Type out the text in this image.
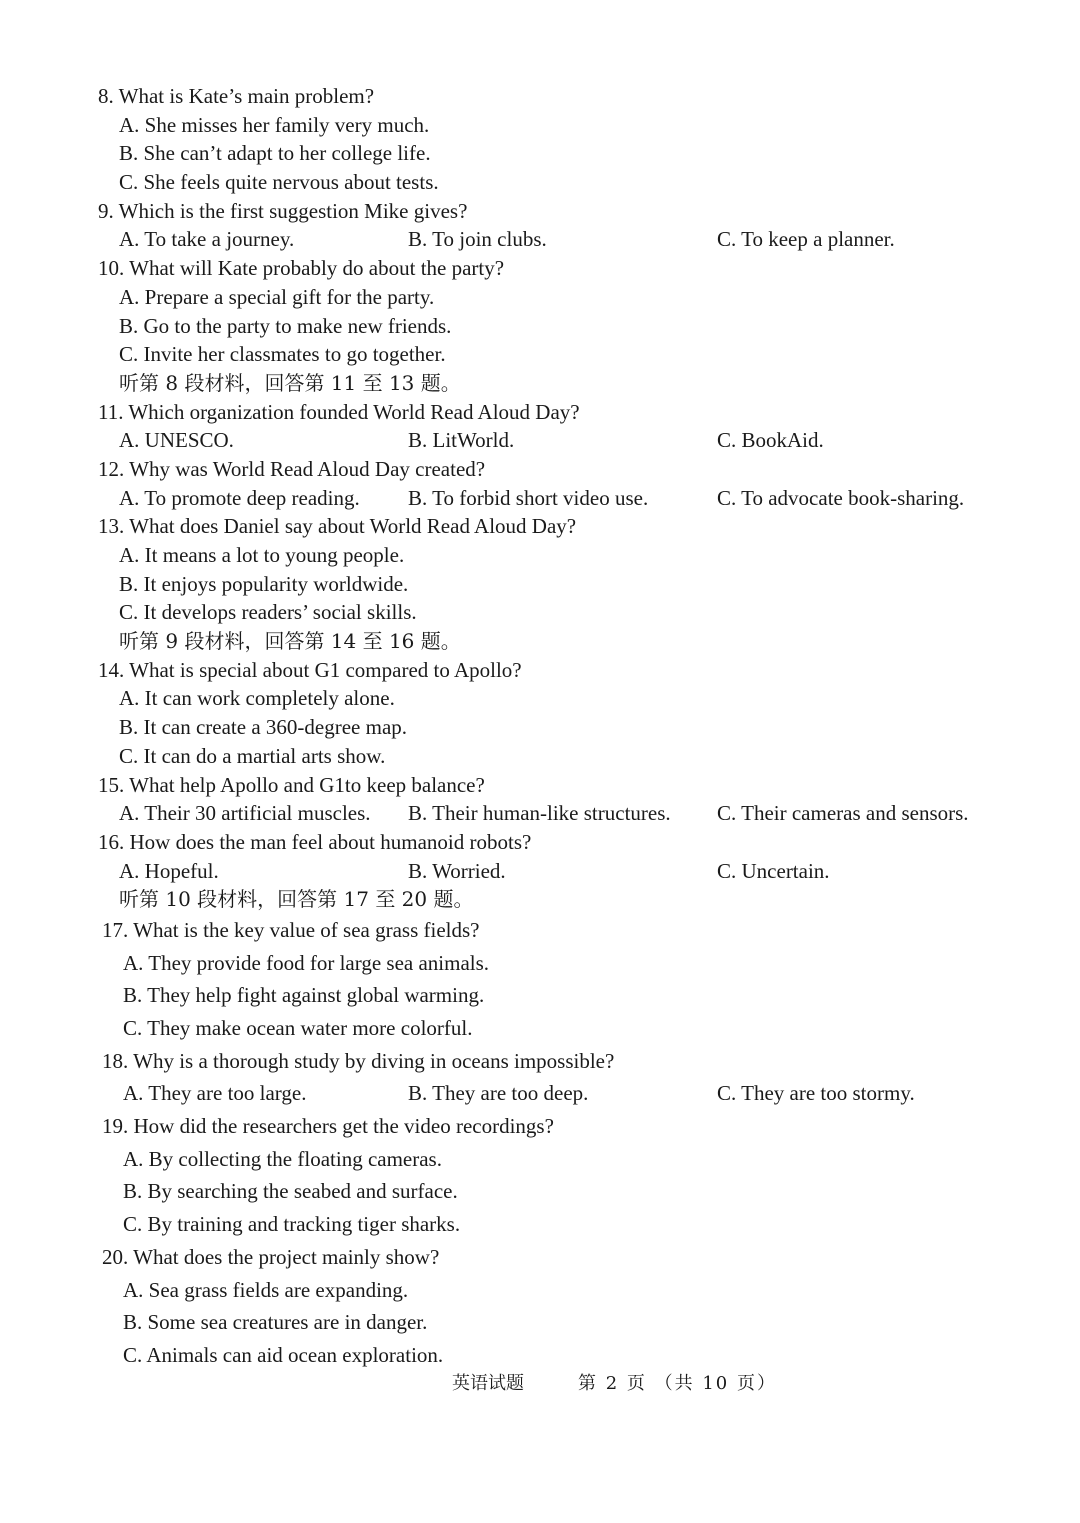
8. What is Kate’s main problem?
A. She misses her family very much.
B. She can’t adapt to her college life.
C. She feels quite nervous about tests.
9. Which is the first suggestion Mike gives?
A. To take a journey.	B. To join clubs.	C. To keep a planner.
10. What will Kate probably do about the party?
A. Prepare a special gift for the party.
B. Go to the party to make new friends.
C. Invite her classmates to go together.
听第 8 段材料，回答第 11 至 13 题。
11. Which organization founded World Read Aloud Day?
A. UNESCO.	B. LitWorld.	C. BookAid.
12. Why was World Read Aloud Day created?
A. To promote deep reading. B. To forbid short video use.	C. To advocate book-sharing.
13. What does Daniel say about World Read Aloud Day?
A. It means a lot to young people.
B. It enjoys popularity worldwide.
C. It develops readers’ social skills.
听第 9 段材料，回答第 14 至 16 题。
14. What is special about G1 compared to Apollo?
A. It can work completely alone.
B. It can create a 360-degree map.
C. It can do a martial arts show.
15. What help Apollo and G1to keep balance?
A. Their 30 artificial muscles. B. Their human-like structures. C. Their cameras and sensors.
16. How does the man feel about humanoid robots?
A. Hopeful.	B. Worried.	C. Uncertain.
听第 10 段材料，回答第 17 至 20 题。
17. What is the key value of sea grass fields?
A. They provide food for large sea animals.
B. They help fight against global warming.
C. They make ocean water more colorful.
18. Why is a thorough study by diving in oceans impossible?
A. They are too large.	B. They are too deep.	C. They are too stormy.
19. How did the researchers get the video recordings?
A. By collecting the floating cameras.
B. By searching the seabed and surface.
C. By training and tracking tiger sharks.
20. What does the project mainly show?
A. Sea grass fields are expanding.
B. Some sea creatures are in danger.
C. Animals can aid ocean exploration.
英语试题	第 2 页 （共 10 页）
